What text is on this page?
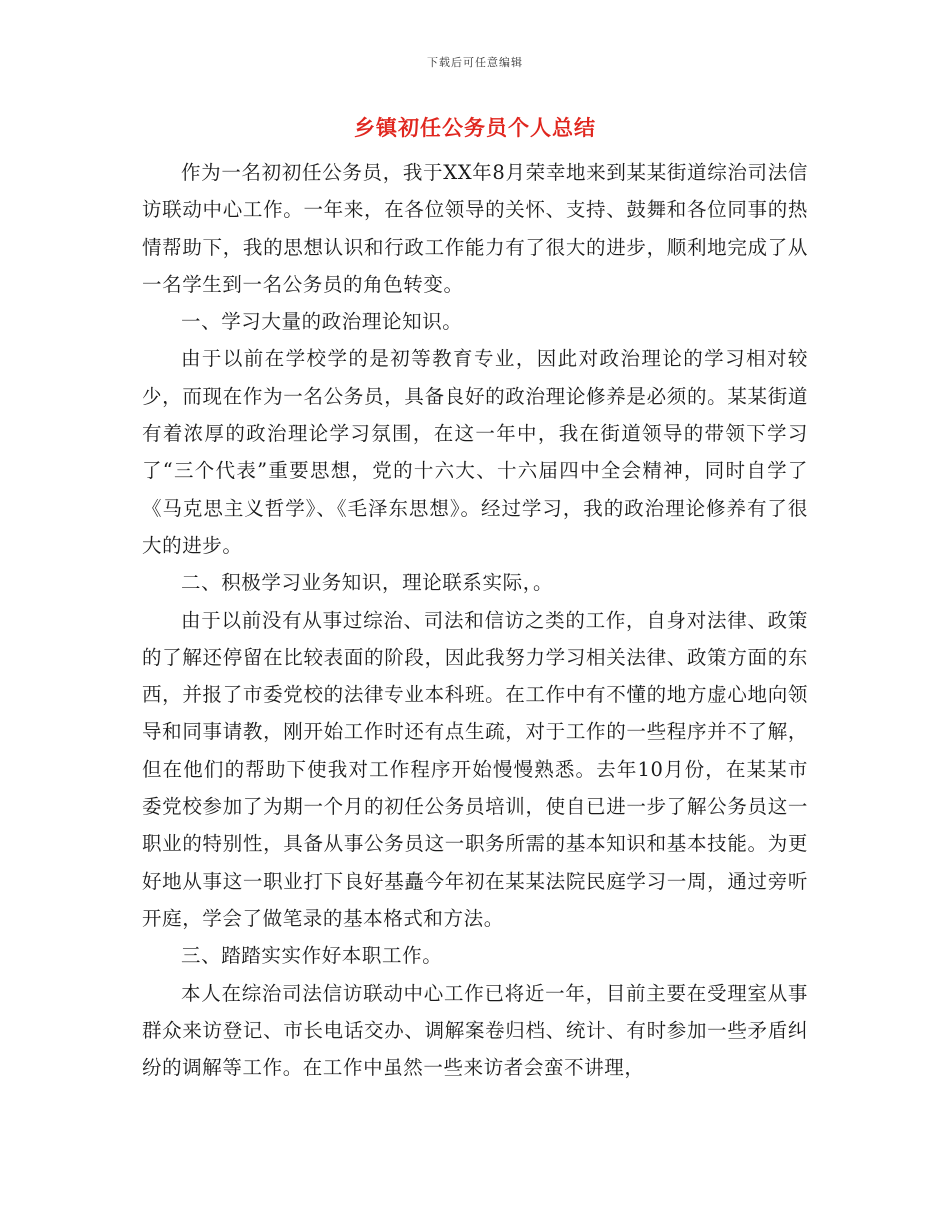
下载后可任意编辑
乡镇初任公务员个人总结

作为一名初初任公务员，我于XX年8月荣幸地来到某某街道综治司法信访联动中心工作。一年来，在各位领导的关怀、支持、鼓舞和各位同事的热情帮助下，我的思想认识和行政工作能力有了很大的进步，顺利地完成了从一名学生到一名公务员的角色转变。

一、学习大量的政治理论知识。

由于以前在学校学的是初等教育专业，因此对政治理论的学习相对较少，而现在作为一名公务员，具备良好的政治理论修养是必须的。某某街道有着浓厚的政治理论学习氛围，在这一年中，我在街道领导的带领下学习了“三个代表”重要思想，党的十六大、十六届四中全会精神，同时自学了《马克思主义哲学》、《毛泽东思想》。经过学习，我的政治理论修养有了很大的进步。

二、积极学习业务知识，理论联系实际，。

由于以前没有从事过综治、司法和信访之类的工作，自身对法律、政策的了解还停留在比较表面的阶段，因此我努力学习相关法律、政策方面的东西，并报了市委党校的法律专业本科班。在工作中有不懂的地方虚心地向领导和同事请教，刚开始工作时还有点生疏，对于工作的一些程序并不了解，但在他们的帮助下使我对工作程序开始慢慢熟悉。去年10月份，在某某市委党校参加了为期一个月的初任公务员培训，使自已进一步了解公务员这一职业的特别性，具备从事公务员这一职务所需的基本知识和基本技能。为更好地从事这一职业打下良好基矗今年初在某某法院民庭学习一周，通过旁听开庭，学会了做笔录的基本格式和方法。

三、踏踏实实作好本职工作。

本人在综治司法信访联动中心工作已将近一年，目前主要在受理室从事群众来访登记、市长电话交办、调解案卷归档、统计、有时参加一些矛盾纠纷的调解等工作。在工作中虽然一些来访者会蛮不讲理，
